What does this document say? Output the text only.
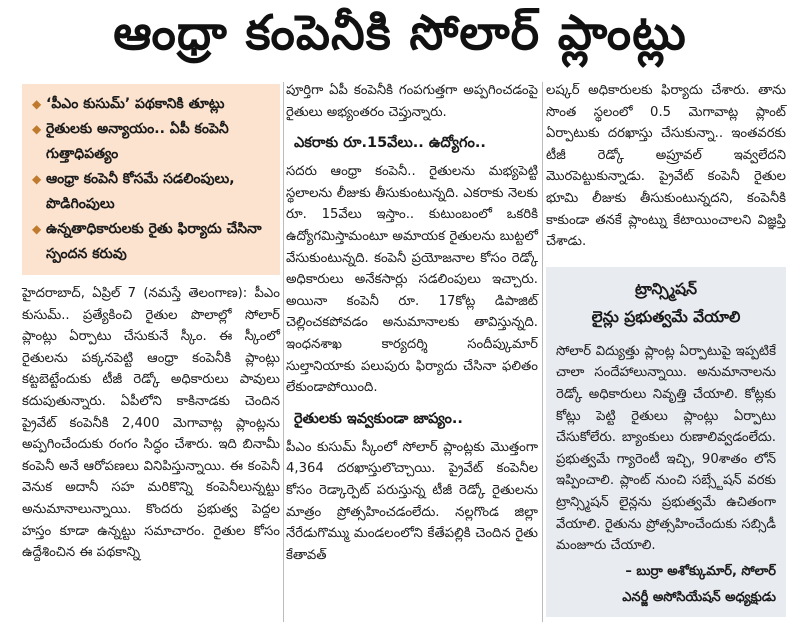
ఆంధ్రా కంపెనీకి సోలార్ ప్లాంట్లు
◆ ‘పీఎం కుసుమ్’ పథకానికి తూట్లు
◆ రైతులకు అన్యాయం.. ఏపీ కంపెనీ గుత్తాధిపత్యం
◆ ఆంధ్రా కంపెనీ కోసమే సడలింపులు, పొడిగింపులు
◆ ఉన్నతాధికారులకు రైతు ఫిర్యాదు చేసినా స్పందన కరువు

హైదరాబాద్, ఏప్రిల్ 7 (నమస్తే తెలంగాణ): పీఎం కుసుమ్.. ప్రత్యేకించి రైతుల పొలాల్లో సోలార్ ప్లాంట్లు ఏర్పాటు చేసుకునే స్కీం. ఈ స్కీంలో రైతులను పక్కనపెట్టి ఆంధ్రా కంపెనీకి ప్లాంట్లు కట్టబెట్టేందుకు టీజీ రెడ్కో అధికారులు పావులు కదుపుతున్నారు. ఏపీలోని కాకినాడకు చెందిన ప్రైవేట్ కంపెనీకి 2,400 మెగావాట్ల ప్లాంట్లను అప్పగించేందుకు రంగం సిద్ధం చేశారు. ఇది బినామీ కంపెనీ అనే ఆరోపణలు వినిపిస్తున్నాయి. ఈ కంపెనీ వెనుక అదానీ సహ మరికొన్ని కంపెనీలున్నట్టు అనుమానాలున్నాయి. కొందరు ప్రభుత్వ పెద్దల హస్తం కూడా ఉన్నట్టు సమాచారం. రైతుల కోసం ఉద్దేశించిన ఈ పథకాన్ని

పూర్తిగా ఏపీ కంపెనీకి గంపగుత్తగా అప్పగించడంపై రైతులు అభ్యంతరం చెప్తున్నారు.

ఎకరాకు రూ.15వేలు.. ఉద్యోగం..

సదరు ఆంధ్రా కంపెనీ.. రైతులను మభ్యపెట్టి స్థలాలను లీజుకు తీసుకుంటున్నది. ఎకరాకు నెలకు రూ. 15వేలు ఇస్తాం.. కుటుంబంలో ఒకరికి ఉద్యోగమిస్తామంటూ అమాయక రైతులను బుట్టలో వేసుకుంటున్నది. కంపెనీ ప్రయోజనాల కోసం రెడ్కో అధికారులు అనేకసార్లు సడలింపులు ఇచ్చారు. అయినా కంపెనీ రూ. 17కోట్ల డిపాజిట్ చెల్లించకపోవడం అనుమానాలకు తావిస్తున్నది. ఇంధనశాఖ కార్యదర్శి సందీప్కుమార్ సుల్తానియాకు పలుపురు ఫిర్యాదు చేసినా ఫలితం లేకుండాపోయింది.

రైతులకు ఇవ్వకుండా జాప్యం..

పీఎం కుసుమ్ స్కీంలో సోలార్ ప్లాంట్లకు మొత్తంగా 4,364 దరఖాస్తులొచ్చాయి. ప్రైవేట్ కంపెనీల కోసం రెడ్కార్పెట్ పరుస్తున్న టీజీ రెడ్కో రైతులను మాత్రం ప్రోత్సహించడంలేదు. నల్లగొండ జిల్లా నేరేడుగొమ్ము మండలంలోని కేతేపల్లికి చెందిన రైతు కేతావత్

లష్కర్ అధికారులకు ఫిర్యాదు చేశారు. తాను సొంత స్థలంలో 0.5 మెగావాట్ల ప్లాంట్ ఏర్పాటుకు దరఖాస్తు చేసుకున్నా.. ఇంతవరకు టీజీ రెడ్కో అప్రూవల్ ఇవ్వలేదని మొరపెట్టుకున్నాడు. ప్రైవేట్ కంపెనీ రైతుల భూమి లీజుకు తీసుకుంటున్నదని, కంపెనీకి కాకుండా తనకే ప్లాంట్ను కేటాయించాలని విజ్ఞప్తి చేశాడు.

ట్రాన్స్మిషన్
లైన్లు ప్రభుత్వమే వేయాలి

సోలార్ విద్యుత్తు ప్లాంట్ల ఏర్పాటుపై ఇప్పటికే చాలా సందేహాలున్నాయి. అనుమానాలను రెడ్కో అధికారులు నివృత్తి చేయాలి. కోట్లకు కోట్లు పెట్టి రైతులు ప్లాంట్లు ఏర్పాటు చేసుకోలేరు. బ్యాంకులు రుణాలివ్వడంలేదు. ప్రభుత్వమే గ్యారెంటీ ఇచ్చి, 90శాతం లోన్ ఇప్పించాలి. ప్లాంట్ నుంచి సబ్స్టేషన్ వరకు ట్రాన్స్మిషన్ లైన్లను ప్రభుత్వమే ఉచితంగా వేయాలి. రైతును ప్రోత్సహించేందుకు సబ్సిడీ మంజూరు చేయాలి.

– బుర్రా అశోక్కుమార్, సోలార్
ఎనర్జీ అసోసియేషన్ అధ్యక్షుడు
